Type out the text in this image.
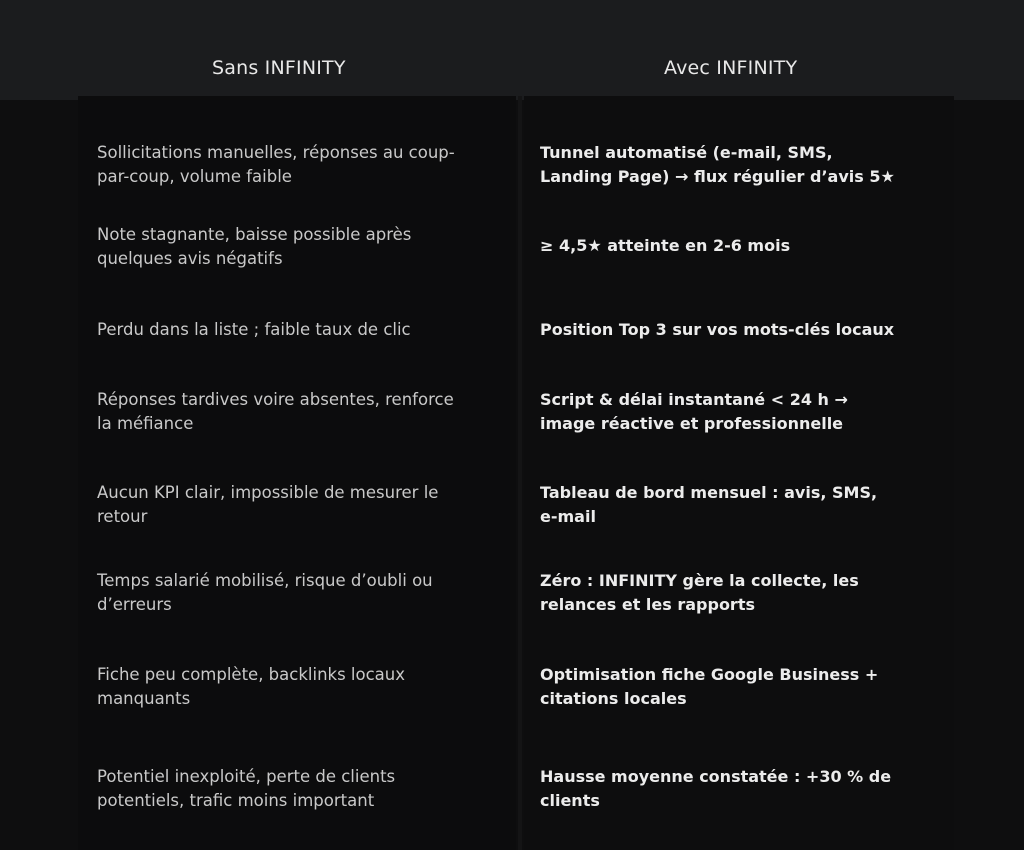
Sans INFINITY	Avec INFINITY
Sollicitations manuelles, réponses au coup-
par-coup, volume faible
Tunnel automatisé (e-mail, SMS,
Landing Page) → flux régulier d’avis 5★
Note stagnante, baisse possible après
quelques avis négatifs
≥ 4,5★ atteinte en 2-6 mois
Perdu dans la liste ; faible taux de clic	Position Top 3 sur vos mots-clés locaux
Réponses tardives voire absentes, renforce
la méfiance
Script & délai instantané < 24 h →
image réactive et professionnelle
Aucun KPI clair, impossible de mesurer le
retour
Tableau de bord mensuel : avis, SMS,
e-mail
Temps salarié mobilisé, risque d’oubli ou
d’erreurs
Zéro : INFINITY gère la collecte, les
relances et les rapports
Fiche peu complète, backlinks locaux
manquants
Optimisation fiche Google Business +
citations locales
Potentiel inexploité, perte de clients
potentiels, trafic moins important
Hausse moyenne constatée : +30 % de
clients
